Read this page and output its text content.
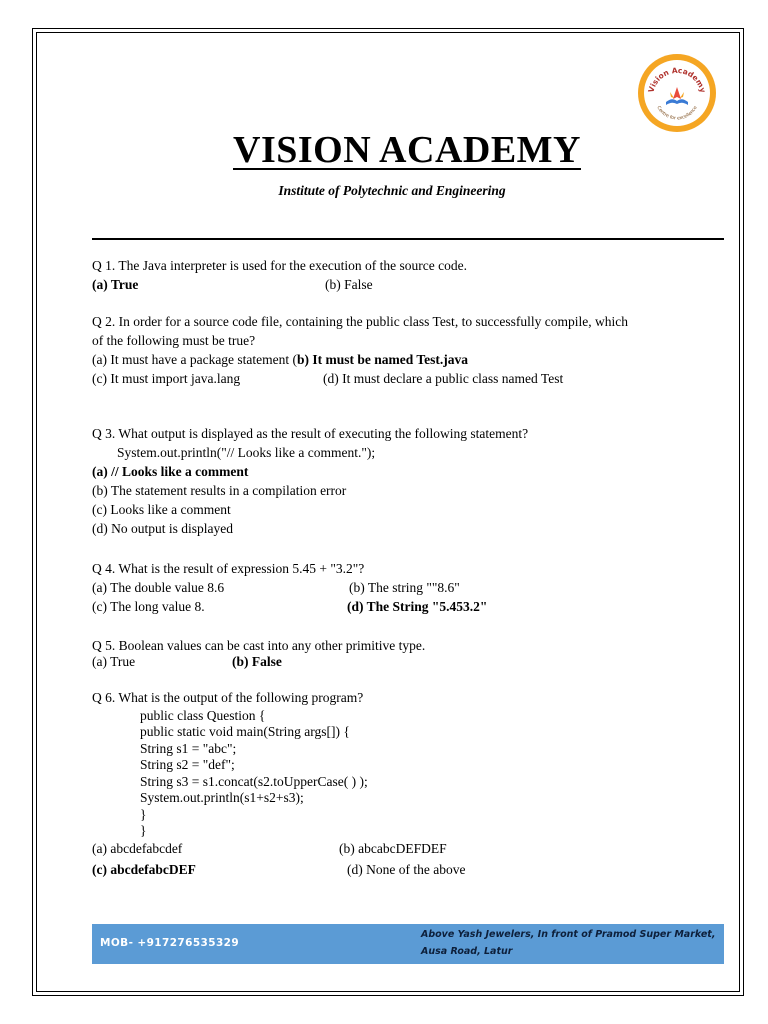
Vision Academy
Centre for excellence
VISION ACADEMY
Institute of Polytechnic and Engineering
Q 1. The Java interpreter is used for the execution of the source code.
(a) True	(b) False
Q 2. In order for a source code file, containing the public class Test, to successfully compile, which
of the following must be true?
(a) It must have a package statement (b) It must be named Test.java
(c) It must import java.lang	(d) It must declare a public class named Test
Q 3. What output is displayed as the result of executing the following statement?
System.out.println("// Looks like a comment.");
(a) // Looks like a comment
(b) The statement results in a compilation error
(c) Looks like a comment
(d) No output is displayed
Q 4. What is the result of expression 5.45 + "3.2"?
(a) The double value 8.6	(b) The string ""8.6"
(c) The long value 8.	(d) The String "5.453.2"
Q 5. Boolean values can be cast into any other primitive type.
(a) True	(b) False
Q 6. What is the output of the following program?
public class Question {
public static void main(String args[]) {
String s1 = "abc";
String s2 = "def";
String s3 = s1.concat(s2.toUpperCase( ) );
System.out.println(s1+s2+s3);
}
}
(a) abcdefabcdef	(b) abcabcDEFDEF
(c) abcdefabcDEF	(d) None of the above
MOB- +917276535329
Above Yash Jewelers, In front of Pramod Super Market,
Ausa Road, Latur
